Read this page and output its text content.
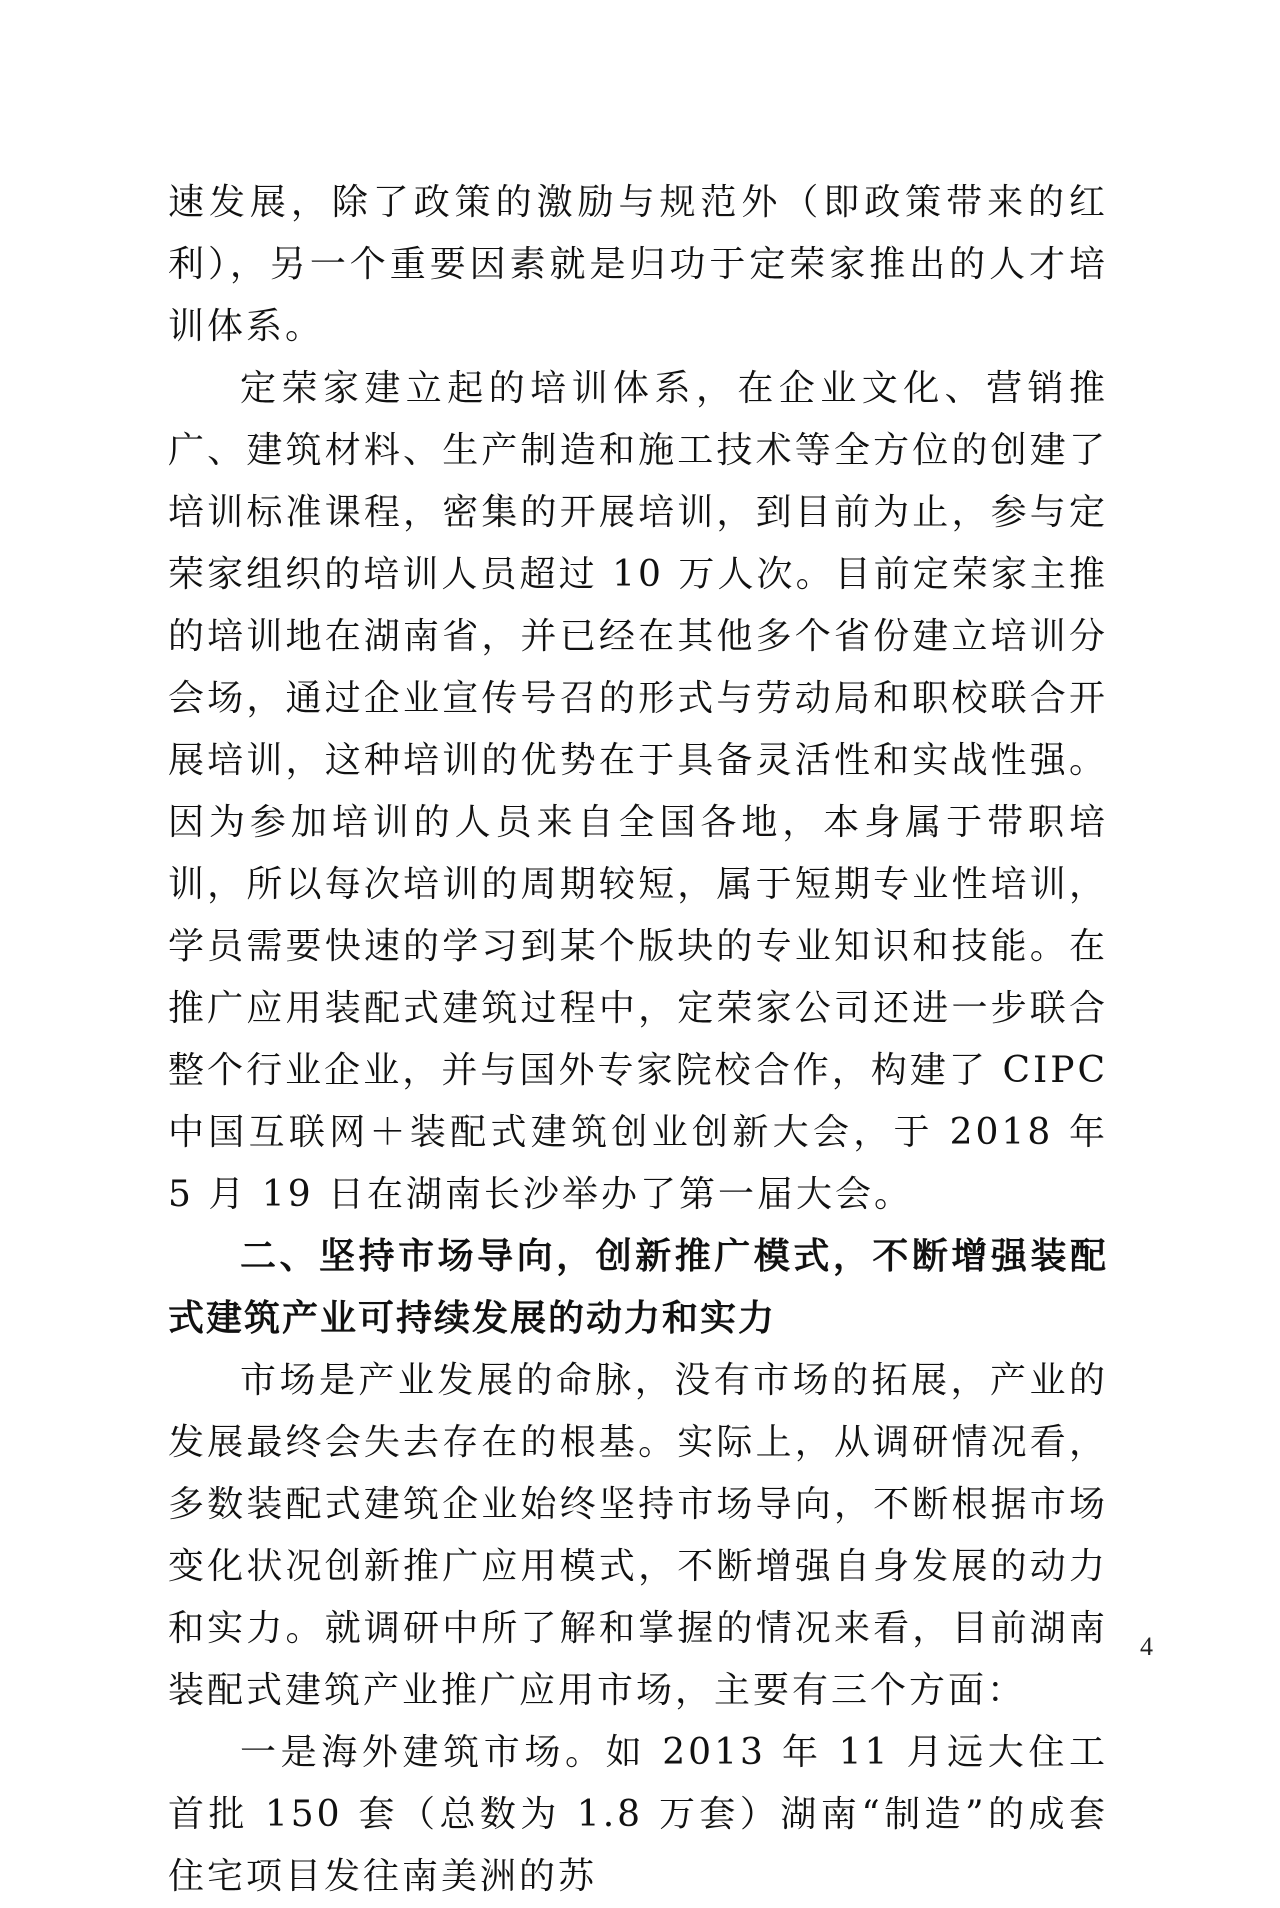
速发展，除了政策的激励与规范外（即政策带来的红利），另一个重要因素就是归功于定荣家推出的人才培训体系。

定荣家建立起的培训体系，在企业文化、营销推广、建筑材料、生产制造和施工技术等全方位的创建了培训标准课程，密集的开展培训，到目前为止，参与定荣家组织的培训人员超过 10 万人次。目前定荣家主推的培训地在湖南省，并已经在其他多个省份建立培训分会场，通过企业宣传号召的形式与劳动局和职校联合开展培训，这种培训的优势在于具备灵活性和实战性强。因为参加培训的人员来自全国各地，本身属于带职培训，所以每次培训的周期较短，属于短期专业性培训，学员需要快速的学习到某个版块的专业知识和技能。在推广应用装配式建筑过程中，定荣家公司还进一步联合整个行业企业，并与国外专家院校合作，构建了 CIPC 中国互联网＋装配式建筑创业创新大会，于 2018 年 5 月 19 日在湖南长沙举办了第一届大会。

二、坚持市场导向，创新推广模式，不断增强装配式建筑产业可持续发展的动力和实力

市场是产业发展的命脉，没有市场的拓展，产业的发展最终会失去存在的根基。实际上，从调研情况看，多数装配式建筑企业始终坚持市场导向，不断根据市场变化状况创新推广应用模式，不断增强自身发展的动力和实力。就调研中所了解和掌握的情况来看，目前湖南装配式建筑产业推广应用市场，主要有三个方面：

一是海外建筑市场。如 2013 年 11 月远大住工首批 150 套（总数为 1.8 万套）湖南“制造”的成套住宅项目发往南美洲的苏

4
